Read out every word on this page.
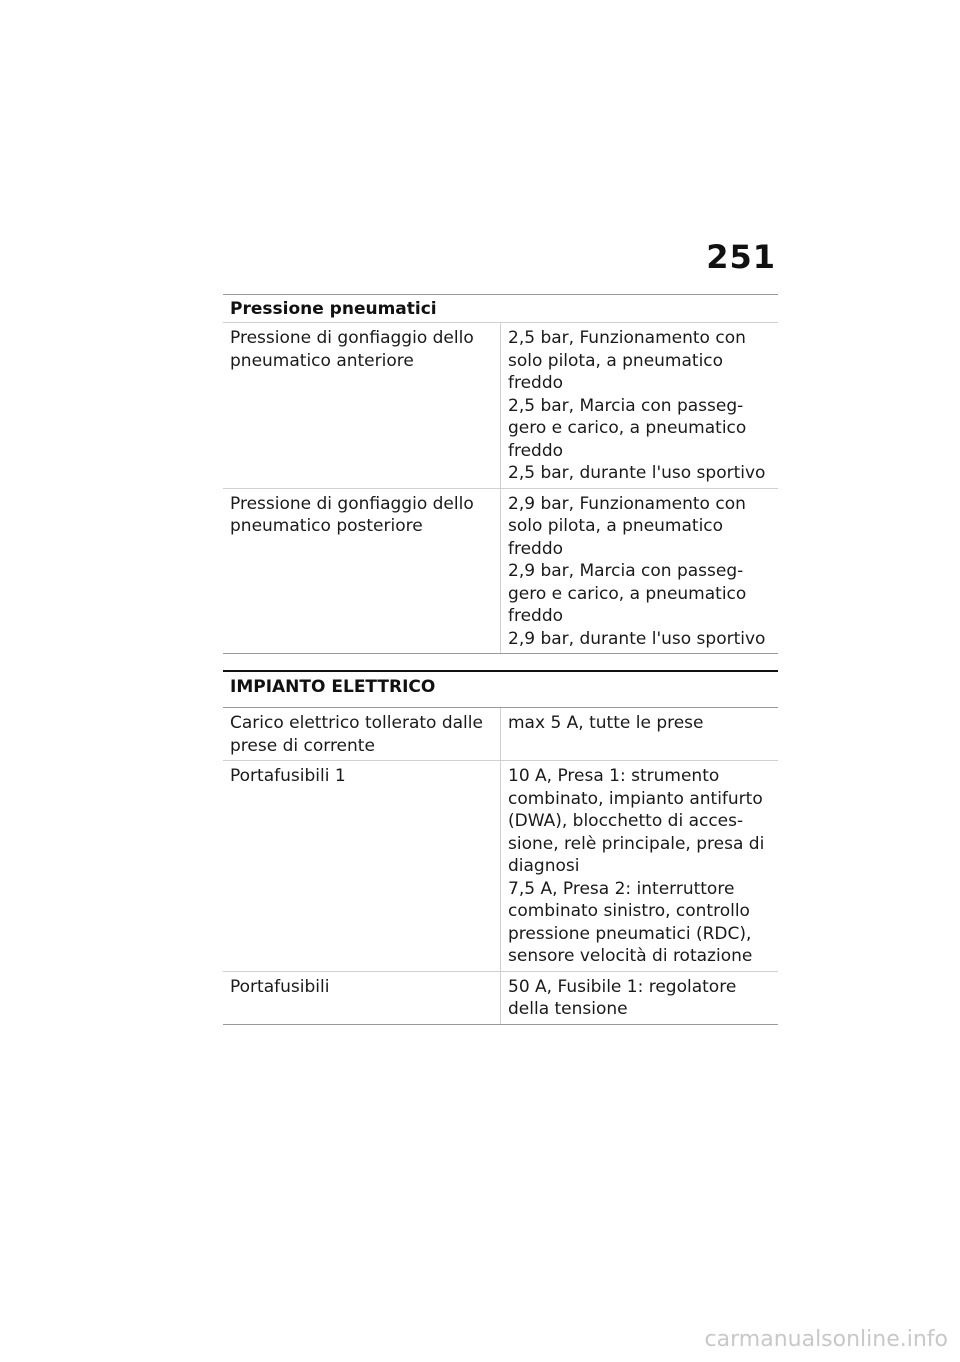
251
Pressione pneumatici
Pressione di gonfiaggio dello pneumatico anteriore	2,5 bar, Funzionamento con solo pilota, a pneumatico freddo
2,5 bar, Marcia con passeggero e carico, a pneumatico freddo
2,5 bar, durante l'uso sportivo

Pressione di gonfiaggio dello pneumatico posteriore	2,9 bar, Funzionamento con solo pilota, a pneumatico freddo
2,9 bar, Marcia con passeggero e carico, a pneumatico freddo
2,9 bar, durante l'uso sportivo
IMPIANTO ELETTRICO
Carico elettrico tollerato dalle prese di corrente	max 5 A, tutte le prese

Portafusibili 1	10 A, Presa 1: strumento combinato, impianto antifurto (DWA), blocchetto di accessione, relè principale, presa di diagnosi
7,5 A, Presa 2: interruttore combinato sinistro, controllo pressione pneumatici (RDC), sensore velocità di rotazione

Portafusibili	50 A, Fusibile 1: regolatore della tensione
carmanualsonline.info
